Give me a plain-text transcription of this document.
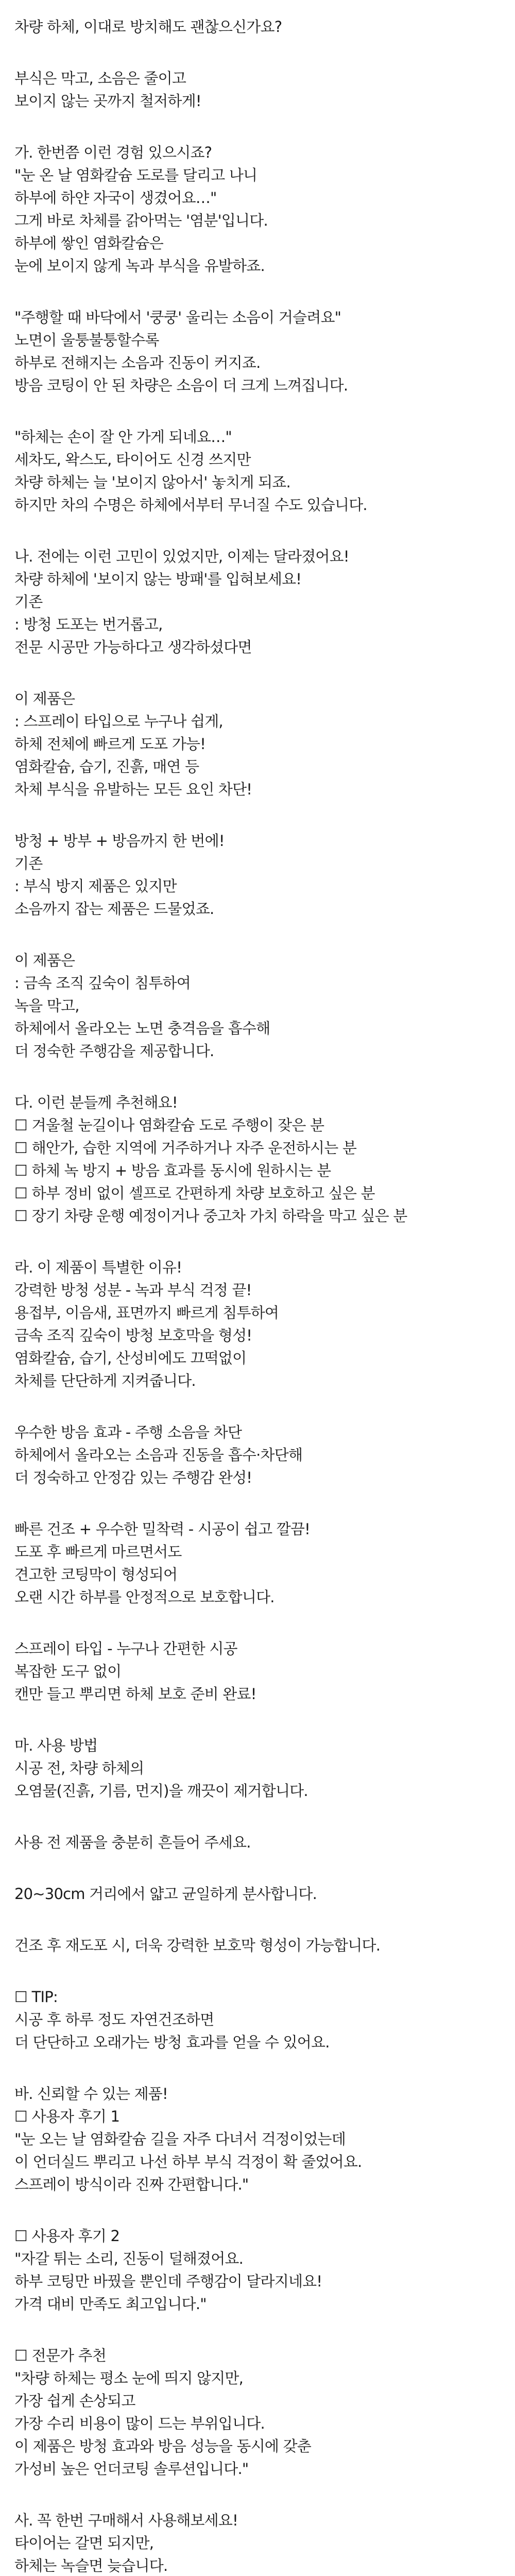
차량 하체, 이대로 방치해도 괜찮으신가요?
부식은 막고, 소음은 줄이고
보이지 않는 곳까지 철저하게!
가. 한번쯤 이런 경험 있으시죠?
"눈 온 날 염화칼슘 도로를 달리고 나니
하부에 하얀 자국이 생겼어요…"
그게 바로 차체를 갉아먹는 '염분'입니다.
하부에 쌓인 염화칼슘은
눈에 보이지 않게 녹과 부식을 유발하죠.
"주행할 때 바닥에서 '쿵쿵' 울리는 소음이 거슬려요"
노면이 울퉁불퉁할수록
하부로 전해지는 소음과 진동이 커지죠.
방음 코팅이 안 된 차량은 소음이 더 크게 느껴집니다.
"하체는 손이 잘 안 가게 되네요…"
세차도, 왁스도, 타이어도 신경 쓰지만
차량 하체는 늘 '보이지 않아서' 놓치게 되죠.
하지만 차의 수명은 하체에서부터 무너질 수도 있습니다.
나. 전에는 이런 고민이 있었지만, 이제는 달라졌어요!
차량 하체에 '보이지 않는 방패'를 입혀보세요!
기존
: 방청 도포는 번거롭고,
전문 시공만 가능하다고 생각하셨다면
이 제품은
: 스프레이 타입으로 누구나 쉽게,
하체 전체에 빠르게 도포 가능!
염화칼슘, 습기, 진흙, 매연 등
차체 부식을 유발하는 모든 요인 차단!
방청 + 방부 + 방음까지 한 번에!
기존
: 부식 방지 제품은 있지만
소음까지 잡는 제품은 드물었죠.
이 제품은
: 금속 조직 깊숙이 침투하여
녹을 막고,
하체에서 올라오는 노면 충격음을 흡수해
더 정숙한 주행감을 제공합니다.
다. 이런 분들께 추천해요!
☐ 겨울철 눈길이나 염화칼슘 도로 주행이 잦은 분
☐ 해안가, 습한 지역에 거주하거나 자주 운전하시는 분
☐ 하체 녹 방지 + 방음 효과를 동시에 원하시는 분
☐ 하부 정비 없이 셀프로 간편하게 차량 보호하고 싶은 분
☐ 장기 차량 운행 예정이거나 중고차 가치 하락을 막고 싶은 분
라. 이 제품이 특별한 이유!
강력한 방청 성분 - 녹과 부식 걱정 끝!
용접부, 이음새, 표면까지 빠르게 침투하여
금속 조직 깊숙이 방청 보호막을 형성!
염화칼슘, 습기, 산성비에도 끄떡없이
차체를 단단하게 지켜줍니다.
우수한 방음 효과 - 주행 소음을 차단
하체에서 올라오는 소음과 진동을 흡수·차단해
더 정숙하고 안정감 있는 주행감 완성!
빠른 건조 + 우수한 밀착력 - 시공이 쉽고 깔끔!
도포 후 빠르게 마르면서도
견고한 코팅막이 형성되어
오랜 시간 하부를 안정적으로 보호합니다.
스프레이 타입 - 누구나 간편한 시공
복잡한 도구 없이
캔만 들고 뿌리면 하체 보호 준비 완료!
마. 사용 방법
시공 전, 차량 하체의
오염물(진흙, 기름, 먼지)을 깨끗이 제거합니다.
사용 전 제품을 충분히 흔들어 주세요.
20~30cm 거리에서 얇고 균일하게 분사합니다.
건조 후 재도포 시, 더욱 강력한 보호막 형성이 가능합니다.
☐ TIP:
시공 후 하루 정도 자연건조하면
더 단단하고 오래가는 방청 효과를 얻을 수 있어요.
바. 신뢰할 수 있는 제품!
☐ 사용자 후기 1
"눈 오는 날 염화칼슘 길을 자주 다녀서 걱정이었는데
이 언더실드 뿌리고 나선 하부 부식 걱정이 확 줄었어요.
스프레이 방식이라 진짜 간편합니다."
☐ 사용자 후기 2
"자갈 튀는 소리, 진동이 덜해졌어요.
하부 코팅만 바꿨을 뿐인데 주행감이 달라지네요!
가격 대비 만족도 최고입니다."
☐ 전문가 추천
"차량 하체는 평소 눈에 띄지 않지만,
가장 쉽게 손상되고
가장 수리 비용이 많이 드는 부위입니다.
이 제품은 방청 효과와 방음 성능을 동시에 갖춘
가성비 높은 언더코팅 솔루션입니다."
사. 꼭 한번 구매해서 사용해보세요!
타이어는 갈면 되지만,
하체는 녹슬면 늦습니다.
